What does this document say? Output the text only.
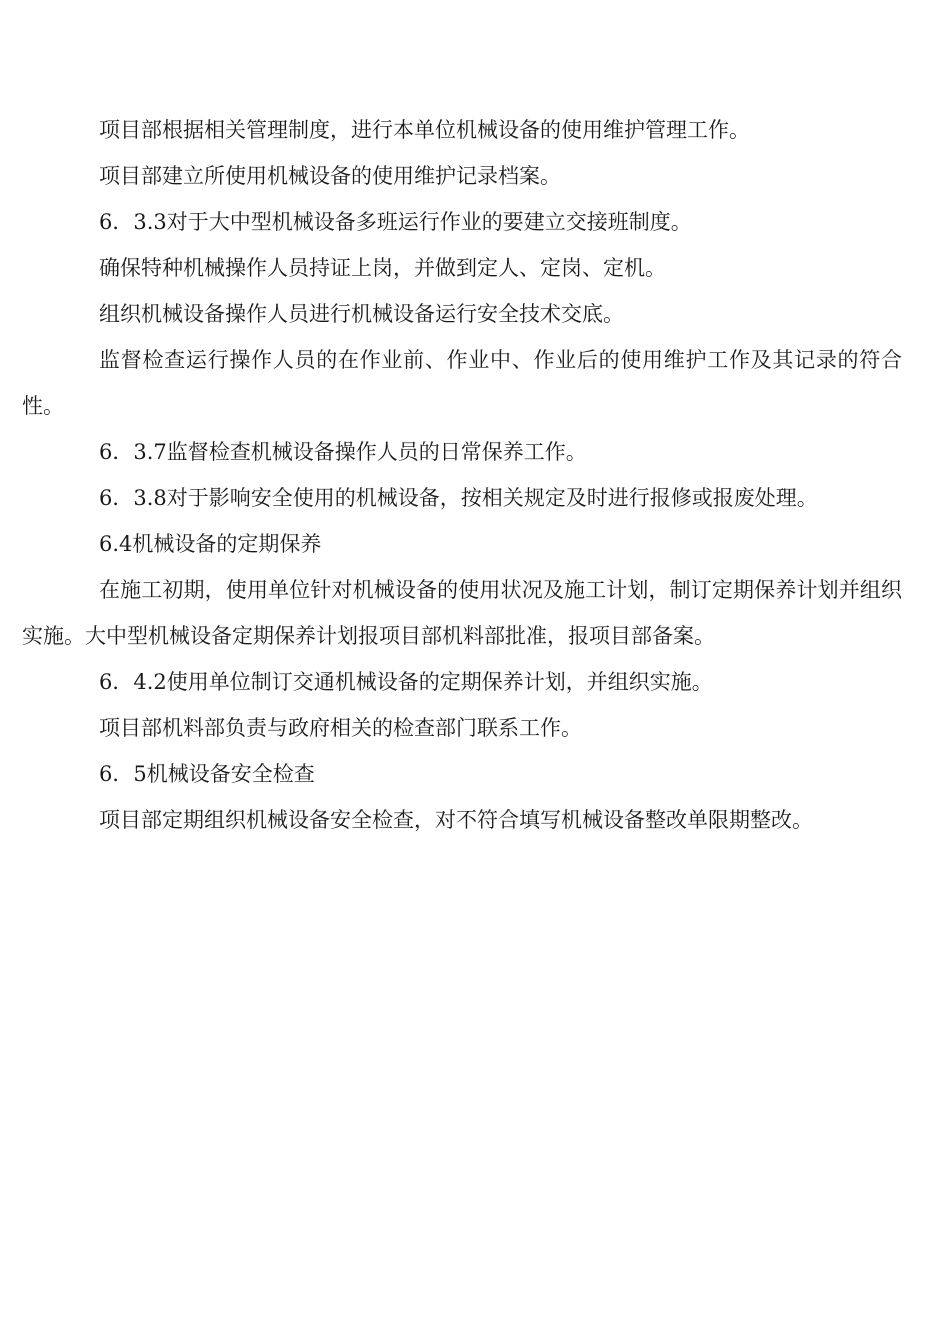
项目部根据相关管理制度，进行本单位机械设备的使用维护管理工作。

项目部建立所使用机械设备的使用维护记录档案。

6．3.3对于大中型机械设备多班运行作业的要建立交接班制度。

确保特种机械操作人员持证上岗，并做到定人、定岗、定机。

组织机械设备操作人员进行机械设备运行安全技术交底。

监督检查运行操作人员的在作业前、作业中、作业后的使用维护工作及其记录的符合性。

6．3.7监督检查机械设备操作人员的日常保养工作。

6．3.8对于影响安全使用的机械设备，按相关规定及时进行报修或报废处理。

6.4机械设备的定期保养

在施工初期，使用单位针对机械设备的使用状况及施工计划，制订定期保养计划并组织实施。大中型机械设备定期保养计划报项目部机料部批准，报项目部备案。

6．4.2使用单位制订交通机械设备的定期保养计划，并组织实施。

项目部机料部负责与政府相关的检查部门联系工作。

6．5机械设备安全检查

项目部定期组织机械设备安全检查，对不符合填写机械设备整改单限期整改。
